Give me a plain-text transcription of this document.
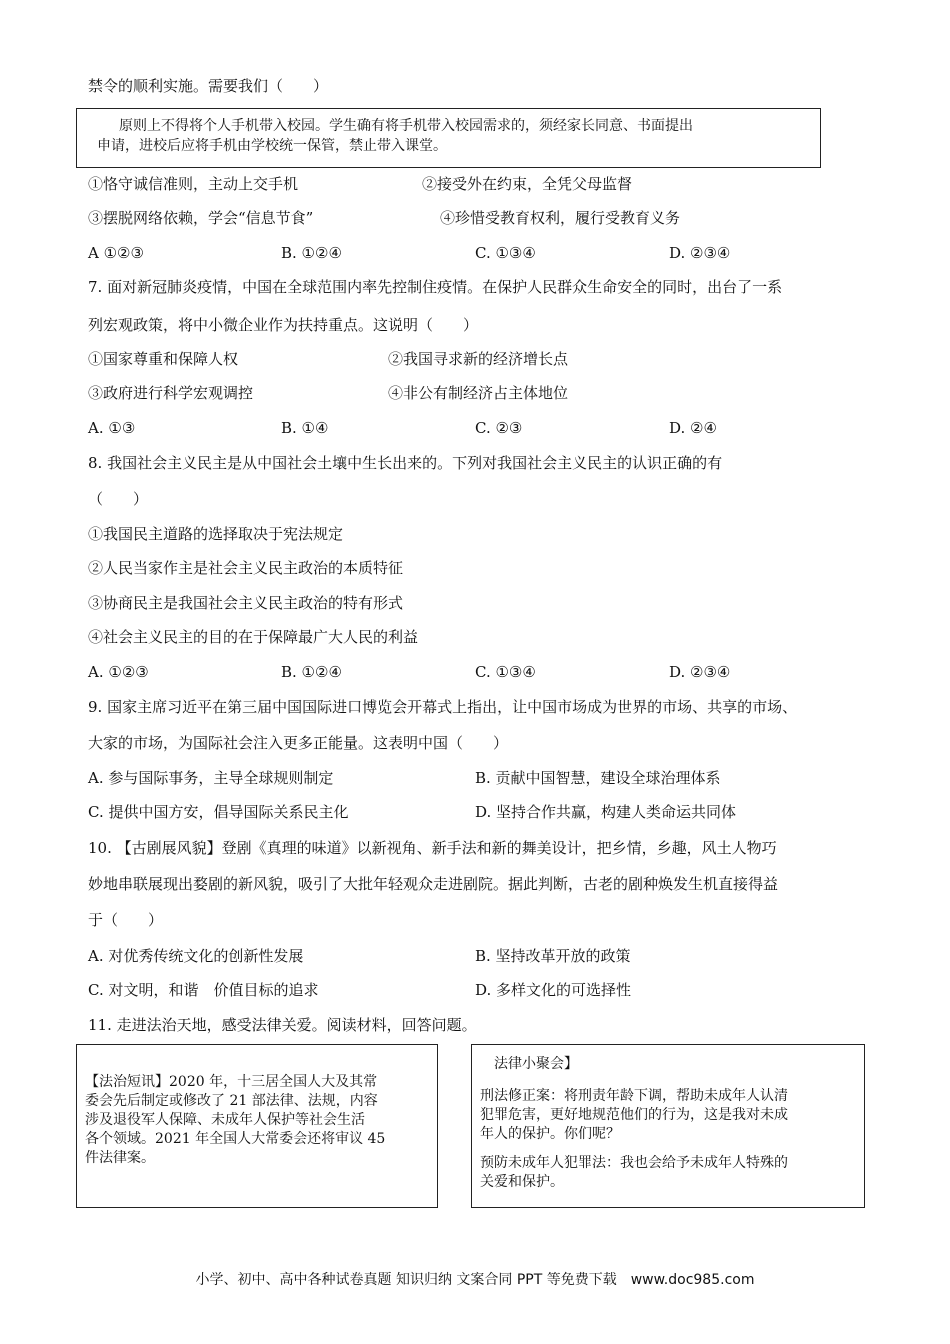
禁令的顺利实施。需要我们（　　）
原则上不得将个人手机带入校园。学生确有将手机带入校园需求的，须经家长同意、书面提出
申请，进校后应将手机由学校统一保管，禁止带入课堂。
①恪守诚信准则，主动上交手机	②接受外在约束，全凭父母监督
③摆脱网络依赖，学会“信息节食”	④珍惜受教育权利，履行受教育义务
A ①②③	B. ①②④	C. ①③④	D. ②③④
7. 面对新冠肺炎疫情，中国在全球范围内率先控制住疫情。在保护人民群众生命安全的同时，出台了一系
列宏观政策，将中小微企业作为扶持重点。这说明（　　）
①国家尊重和保障人权	②我国寻求新的经济增长点
③政府进行科学宏观调控	④非公有制经济占主体地位
A. ①③	B. ①④	C. ②③	D. ②④
8. 我国社会主义民主是从中国社会土壤中生长出来的。下列对我国社会主义民主的认识正确的有
（　　）
①我国民主道路的选择取决于宪法规定
②人民当家作主是社会主义民主政治的本质特征
③协商民主是我国社会主义民主政治的特有形式
④社会主义民主的目的在于保障最广大人民的利益
A. ①②③	B. ①②④	C. ①③④	D. ②③④
9. 国家主席习近平在第三届中国国际进口博览会开幕式上指出，让中国市场成为世界的市场、共享的市场、
大家的市场，为国际社会注入更多正能量。这表明中国（　　）
A. 参与国际事务，主导全球规则制定	B. 贡献中国智慧，建设全球治理体系
C. 提供中国方安，倡导国际关系民主化	D. 坚持合作共赢，构建人类命运共同体
10. 【古剧展风貌】登剧《真理的味道》以新视角、新手法和新的舞美设计，把乡情，乡趣，风土人物巧
妙地串联展现出婺剧的新风貌，吸引了大批年轻观众走进剧院。据此判断，古老的剧种焕发生机直接得益
于（　　）
A. 对优秀传统文化的创新性发展	B. 坚持改革开放的政策
C. 对文明，和谐　价值目标的追求	D. 多样文化的可选择性
11. 走进法治天地，感受法律关爱。阅读材料，回答问题。
【法治短讯】2020 年，十三居全国人大及其常
委会先后制定或修改了 21 部法律、法规，内容
涉及退役军人保障、未成年人保护等社会生活
各个领域。2021 年全国人大常委会还将审议 45
件法律案。
法律小聚会】
刑法修正案：将刑责年龄下调，帮助未成年人认清
犯罪危害，更好地规范他们的行为，这是我对未成
年人的保护。你们呢？
预防未成年人犯罪法：我也会给予未成年人特殊的
关爱和保护。
小学、初中、高中各种试卷真题 知识归纳 文案合同 PPT 等免费下载　www.doc985.com
